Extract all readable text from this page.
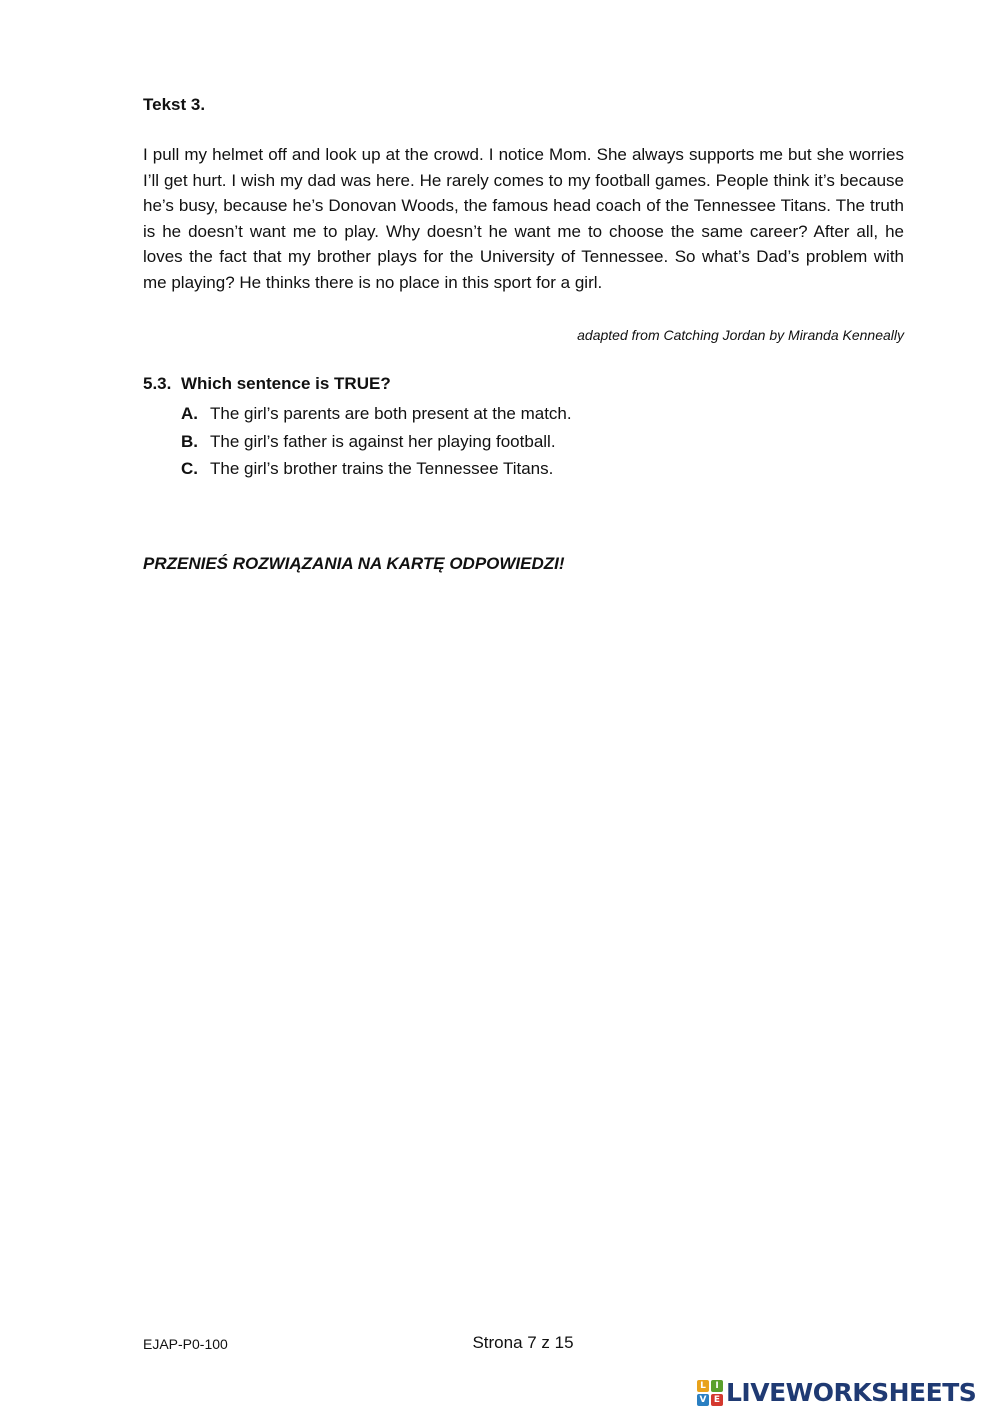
Tekst 3.

I pull my helmet off and look up at the crowd. I notice Mom. She always supports me but she worries I’ll get hurt. I wish my dad was here. He rarely comes to my football games. People think it’s because he’s busy, because he’s Donovan Woods, the famous head coach of the Tennessee Titans. The truth is he doesn’t want me to play. Why doesn’t he want me to choose the same career? After all, he loves the fact that my brother plays for the University of Tennessee. So what’s Dad’s problem with me playing? He thinks there is no place in this sport for a girl.

adapted from Catching Jordan by Miranda Kenneally

5.3. Which sentence is TRUE?

A. The girl’s parents are both present at the match.
B. The girl’s father is against her playing football.
C. The girl’s brother trains the Tennessee Titans.

PRZENIEŚ ROZWIĄZANIA NA KARTĘ ODPOWIEDZI!

EJAP-P0-100	Strona 7 z 15

L	I
V E LIVEWORKSHEETS
